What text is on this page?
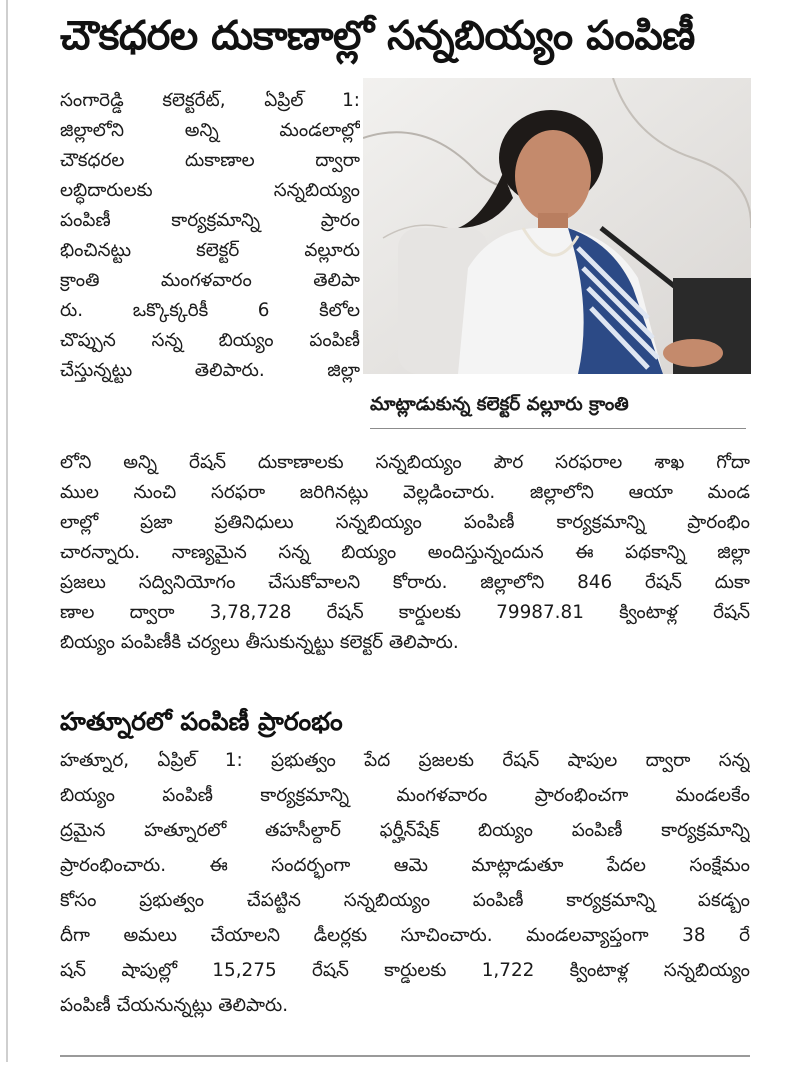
చౌకధరల దుకాణాల్లో సన్నబియ్యం పంపిణీ
మాట్లాడుకున్న కలెక్టర్ వల్లూరు క్రాంతి
సంగారెడ్డి కలెక్టరేట్, ఏప్రిల్ 1:
జిల్లాలోని అన్ని మండలాల్లో
చౌకధరల దుకాణాల ద్వారా
లబ్ధిదారులకు సన్నబియ్యం
పంపిణీ కార్యక్రమాన్ని ప్రారం
భించినట్టు కలెక్టర్ వల్లూరు
క్రాంతి మంగళవారం తెలిపా
రు. ఒక్కొక్కరికీ 6 కిలోల
చొప్పున సన్న బియ్యం పంపిణీ
చేస్తున్నట్టు తెలిపారు. జిల్లా
లోని అన్ని రేషన్ దుకాణాలకు సన్నబియ్యం పౌర సరఫరాల శాఖ గోదా
ముల నుంచి సరఫరా జరిగినట్లు వెల్లడించారు. జిల్లాలోని ఆయా మండ
లాల్లో ప్రజా ప్రతినిధులు సన్నబియ్యం పంపిణీ కార్యక్రమాన్ని ప్రారంభిం
చారన్నారు. నాణ్యమైన సన్న బియ్యం అందిస్తున్నందున ఈ పథకాన్ని జిల్లా
ప్రజలు సద్వినియోగం చేసుకోవాలని కోరారు. జిల్లాలోని 846 రేషన్ దుకా
ణాల ద్వారా 3,78,728 రేషన్ కార్డులకు 79987.81 క్వింటాళ్ల రేషన్
బియ్యం పంపిణీకి చర్యలు తీసుకున్నట్టు కలెక్టర్ తెలిపారు.
హత్నూరలో పంపిణీ ప్రారంభం
హత్నూర, ఏప్రిల్ 1: ప్రభుత్వం పేద ప్రజలకు రేషన్ షాపుల ద్వారా సన్న
బియ్యం పంపిణీ కార్యక్రమాన్ని మంగళవారం ప్రారంభించగా మండలకేం
ద్రమైన హత్నూరలో తహసీల్దార్ ఫర్హీన్‌షేక్ బియ్యం పంపిణీ కార్యక్రమాన్ని
ప్రారంభించారు. ఈ సందర్భంగా ఆమె మాట్లాడుతూ పేదల సంక్షేమం
కోసం ప్రభుత్వం చేపట్టిన సన్నబియ్యం పంపిణీ కార్యక్రమాన్ని పకడ్బం
దీగా అమలు చేయాలని డీలర్లకు సూచించారు. మండలవ్యాప్తంగా 38 రే
షన్ షాపుల్లో 15,275 రేషన్ కార్డులకు 1,722 క్వింటాళ్ల సన్నబియ్యం
పంపిణీ చేయనున్నట్లు తెలిపారు.
